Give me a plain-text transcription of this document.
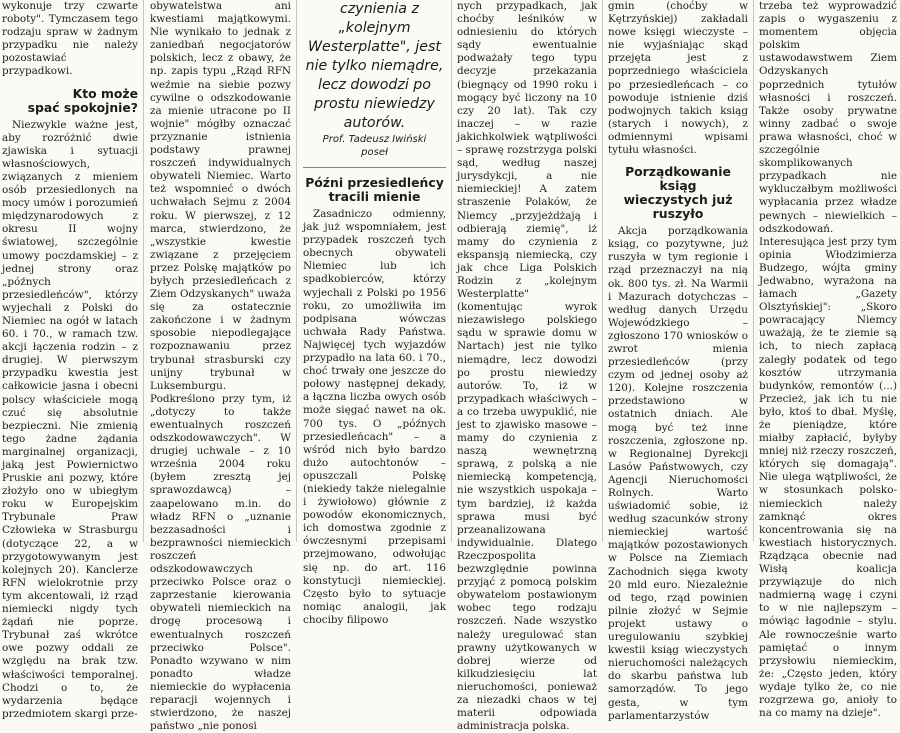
wykonuje trzy czwarte roboty". Tymczasem tego rodzaju spraw w żadnym przypadku nie należy pozostawiać przypadkowi.

Kto może
spać spokojnie?

Niezwykle ważne jest, aby rozróżnić dwie zjawiska i sytuacji własnościowych, związanych z mieniem osób przesiedlonych na mocy umów i porozumień międzynarodowych z okresu II wojny światowej, szczególnie umowy poczdamskiej – z jednej strony oraz „późnych przesiedleńców", którzy wyjechali z Polski do Niemiec na ogół w latach 60. i 70., w ramach tzw. akcji łączenia rodzin – z drugiej. W pierwszym przypadku kwestia jest całkowicie jasna i obecni polscy właściciele mogą czuć się absolutnie bezpieczni. Nie zmienią tego żadne żądania marginalnej organizacji, jaką jest Powiernictwo Pruskie ani pozwy, które złożyło ono w ubiegłym roku w Europejskim Trybunale Praw Człowieka w Strasburgu (dotyczące 22, a w przygotowywanym jest kolejnych 20). Kanclerze RFN wielokrotnie przy tym akcentowali, iż rząd niemiecki nigdy tych żądań nie poprze. Trybunał zaś wkrótce owe pozwy oddali ze względu na brak tzw. właściwości temporalnej. Chodzi o to, że wydarzenia będące przedmiotem skargi prze-

obywatelstwa ani kwestiami majątkowymi. Nie wynikało to jednak z zaniedbań negocjatorów polskich, lecz z obawy, że np. zapis typu „Rząd RFN weźmie na siebie pozwy cywilne o odszkodowanie za mienie utracone po II wojnie" mógłby oznaczać przyznanie istnienia podstawy prawnej roszczeń indywidualnych obywateli Niemiec. Warto też wspomnieć o dwóch uchwałach Sejmu z 2004 roku. W pierwszej, z 12 marca, stwierdzono, że „wszystkie kwestie związane z przejęciem przez Polskę majątków po byłych przesiedleńcach z Ziem Odzyskanych" uważa się za ostatecznie zakończone i w żadnym sposobie niepodlegające rozpoznawaniu przez trybunał strasburski czy unijny trybunał w Luksemburgu. Podkreślono przy tym, iż „dotyczy to także ewentualnych roszczeń odszkodowawczych". W drugiej uchwale – z 10 września 2004 roku (byłem zresztą jej sprawozdawcą) – zaapelowano m.in. do władz RFN o „uznanie bezzasadności i bezprawności niemieckich roszczeń odszkodowawczych przeciwko Polsce oraz o zaprzestanie kierowania obywateli niemieckich na drogę procesową i ewentualnych roszczeń przeciwko Polsce". Ponadto wzywano w nim ponadto władze niemieckie do wypłacenia reparacji wojennych i stwierdzono, że naszej państwo „nie ponosi

czynienia z „kolejnym Westerplatte", jest nie tylko niemądre, lecz dowodzi po prostu niewiedzy autorów.

Prof. Tadeusz Iwiński
poseł
Późni przesiedleńcy
tracili mienie

Zasadniczo odmienny, jak już wspomniałem, jest przypadek roszczeń tych obecnych obywateli Niemiec lub ich spadkobierców, którzy wyjechali z Polski po 1956 roku, zo umożliwiła im podpisana wówczas uchwała Rady Państwa. Najwięcej tych wyjazdów przypadło na lata 60. i 70., choć trwały one jeszcze do połowy następnej dekady, a łączna liczba owych osób może sięgać nawet na ok. 700 tys. O „późnych przesiedleńcach" – a wśród nich było bardzo dużo autochtonów – opuszczali Polskę (niekiedy także nielegalnie i żywiołowo) głównie z powodów ekonomicznych, ich domostwa zgodnie z ówczesnymi przepisami przejmowano, odwołując się np. do art. 116 konstytucji niemieckiej. Często było to sytuacje nomiąc analogii, jak chociby filipowo

nych przypadkach, jak choćby leśników w odniesieniu do których sądy ewentualnie podważały tego typu decyzje przekazania (biegnący od 1990 roku i mogący być liczony na 10 czy 20 lat). Tak czy inaczej – w razie jakichkolwiek wątpliwości – sprawę rozstrzyga polski sąd, według naszej jurysdykcji, a nie niemieckiej! A zatem straszenie Polaków, że Niemcy „przyjeżdżają i odbierają ziemię", iż mamy do czynienia z ekspansją niemiecką, czy jak chce Liga Polskich Rodzin z „kolejnym Westerplatte" (komentując wyrok niezawisłego polskiego sądu w sprawie domu w Nartach) jest nie tylko niemądre, lecz dowodzi po prostu niewiedzy autorów. To, iż w przypadkach właściwych – a co trzeba uwypuklić, nie jest to zjawisko masowe – mamy do czynienia z naszą wewnętrzną sprawą, z polską a nie niemiecką kompetencją, nie wszystkich uspokaja – tym bardziej, iż każda sprawa musi być przeanalizowana indywidualnie. Dlatego Rzeczpospolita bezwzględnie powinna przyjąć z pomocą polskim obywatelom postawionym wobec tego rodzaju roszczeń. Nade wszystko należy uregulować stan prawny użytkowanych w dobrej wierze od kilkudziesięciu lat nieruchomości, ponieważ za niezadki chaos w tej materii odpowiada administracja polska.

gmin (choćby w Kętrzyńskiej) zakładali nowe księgi wieczyste – nie wyjaśniając skąd przejęta jest z poprzedniego właściciela po przesiedleńcach – co powoduje istnienie dziś podwojnych takich ksiąg (starych i nowych), z odmiennymi wpisami tytułu własności.

Porządkowanie ksiąg
wieczystych już ruszyło

Akcja porządkowania ksiąg, co pozytywne, już ruszyła w tym regionie i rząd przeznaczył na nią ok. 800 tys. zł. Na Warmii i Mazurach dotychczas – według danych Urzędu Wojewódzkiego – zgłoszono 170 wniosków o zwrot mienia przesiedleńców (przy czym od jednej osoby aż 120). Kolejne roszczenia przedstawiono w ostatnich dniach. Ale mogą być też inne roszczenia, zgłoszone np. w Regionalnej Dyrekcji Lasów Państwowych, czy Agencji Nieruchomości Rolnych. Warto uświadomić sobie, iż według szacunków strony niemieckiej wartość majątków pozostawionych w Polsce na Ziemiach Zachodnich sięga kwoty 20 mld euro. Niezależnie od tego, rząd powinien pilnie złożyć w Sejmie projekt ustawy o uregulowaniu szybkiej kwestii ksiąg wieczystych nieruchomości należących do skarbu państwa lub samorządów. To jego gesta, w tym parlamentarzystów

trzeba też wyprowadzić zapis o wygaszeniu z momentem objęcia polskim ustawodawstwem Ziem Odzyskanych poprzednich tytułów własności i roszczeń. Także osoby prywatne winny zadbać o swoje prawa własności, choć w szczególnie skomplikowanych przypadkach nie wykluczałbym możliwości wypłacania przez władze pewnych – niewielkich – odszkodowań. Interesująca jest przy tym opinia Włodzimierza Budzego, wójta gminy Jedwabno, wyrażona na łamach „Gazety Olsztyńskiej": „Skoro powracający Niemcy uważają, że te ziemie są ich, to niech zapłacą zaległy podatek od tego kosztów utrzymania budynków, remontów (...) Przecież, jak ich tu nie było, ktoś to dbał. Myślę, że pieniądze, które miałby zapłacić, byłyby mniej niż rzeczy roszczeń, których się domagają". Nie ulega wątpliwości, że w stosunkach polsko-niemieckich należy zamknąć okres koncentrowania się na kwestiach historycznych. Rządząca obecnie nad Wisłą koalicja przywiązuje do nich nadmierną wagę i czyni to w nie najlepszym – mówiąc łagodnie – stylu. Ale rownocześnie warto pamiętać o innym przysłowiu niemieckim, że: „Często jeden, który wydaje tylko że, co nie rozgrzewa go, anioły to na co mamy na dzieje".
